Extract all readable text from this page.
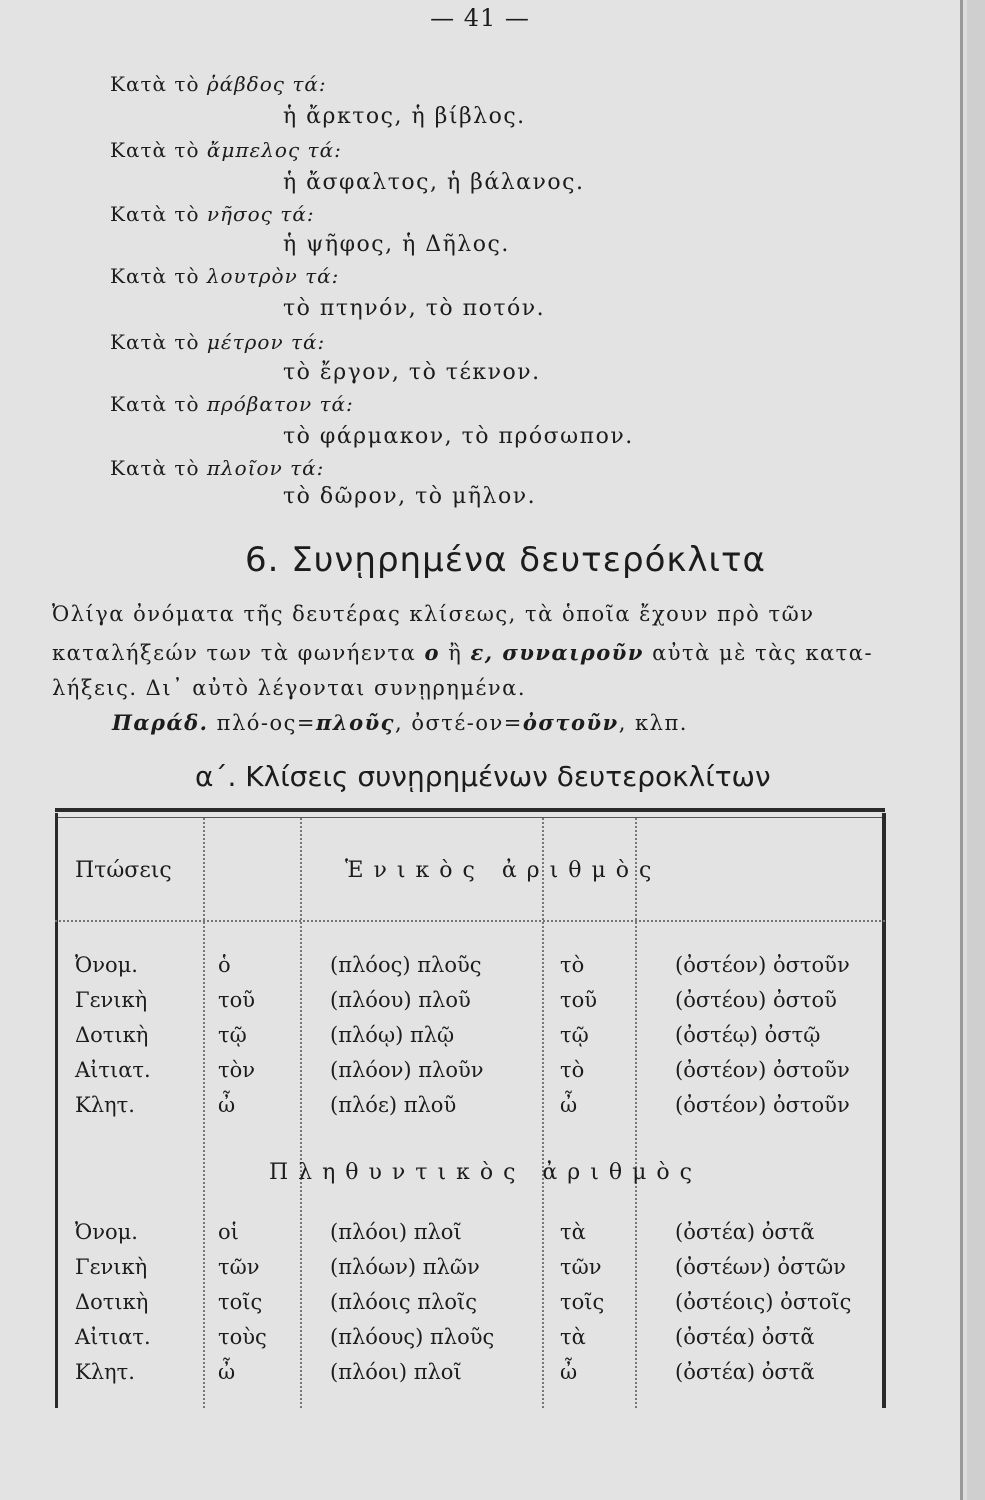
— 41 —
Κατὰ τὸ ῥάβδος τά:
ἡ ἄρκτος, ἡ βίβλος.
Κατὰ τὸ ἄμπελος τά:
ἡ ἄσφαλτος, ἡ βάλανος.
Κατὰ τὸ νῆσος τά:
ἡ ψῆφος, ἡ Δῆλος.
Κατὰ τὸ λουτρὸν τά:
τὸ πτηνόν, τὸ ποτόν.
Κατὰ τὸ μέτρον τά:
τὸ ἔργον, τὸ τέκνον.
Κατὰ τὸ πρόβατον τά:
τὸ φάρμακον, τὸ πρόσωπον.
Κατὰ τὸ πλοῖον τά:
τὸ δῶρον, τὸ μῆλον.
6. Συνῃρημένα δευτερόκλιτα
Ὀλίγα ὀνόματα τῆς δευτέρας κλίσεως, τὰ ὁποῖα ἔχουν πρὸ τῶν
καταλήξεών των τὰ φωνήεντα ο ἢ ε, συναιροῦν αὐτὰ μὲ τὰς κατα-
λήξεις. Δι᾽ αὐτὸ λέγονται συνῃρημένα.
Παράδ. πλό-ος=πλοῦς, ὀστέ-ον=ὀστοῦν, κλπ.
α΄. Κλίσεις συνῃρημένων δευτεροκλίτων
Πτώσεις	Ἑνικὸς ἀριθμὸς
Ὀνομ.	ὁ	(πλόος) πλοῦς	τὸ	(ὀστέον) ὀστοῦν
Γενικὴ	τοῦ	(πλόου) πλοῦ	τοῦ	(ὀστέου) ὀστοῦ
Δοτικὴ	τῷ	(πλόῳ) πλῷ	τῷ	(ὀστέῳ) ὀστῷ
Αἰτιατ.	τὸν	(πλόον) πλοῦν	τὸ	(ὀστέον) ὀστοῦν
Κλητ.	ὦ	(πλόε) πλοῦ	ὦ	(ὀστέον) ὀστοῦν
Πληθυντικὸς ἀριθμὸς
Ὀνομ.	οἱ	(πλόοι) πλοῖ	τὰ	(ὀστέα) ὀστᾶ
Γενικὴ	τῶν	(πλόων) πλῶν	τῶν	(ὀστέων) ὀστῶν
Δοτικὴ	τοῖς	(πλόοις πλοῖς	τοῖς	(ὀστέοις) ὀστοῖς
Αἰτιατ.	τοὺς	(πλόους) πλοῦς	τὰ	(ὀστέα) ὀστᾶ
Κλητ.	ὦ	(πλόοι) πλοῖ	ὦ	(ὀστέα) ὀστᾶ
